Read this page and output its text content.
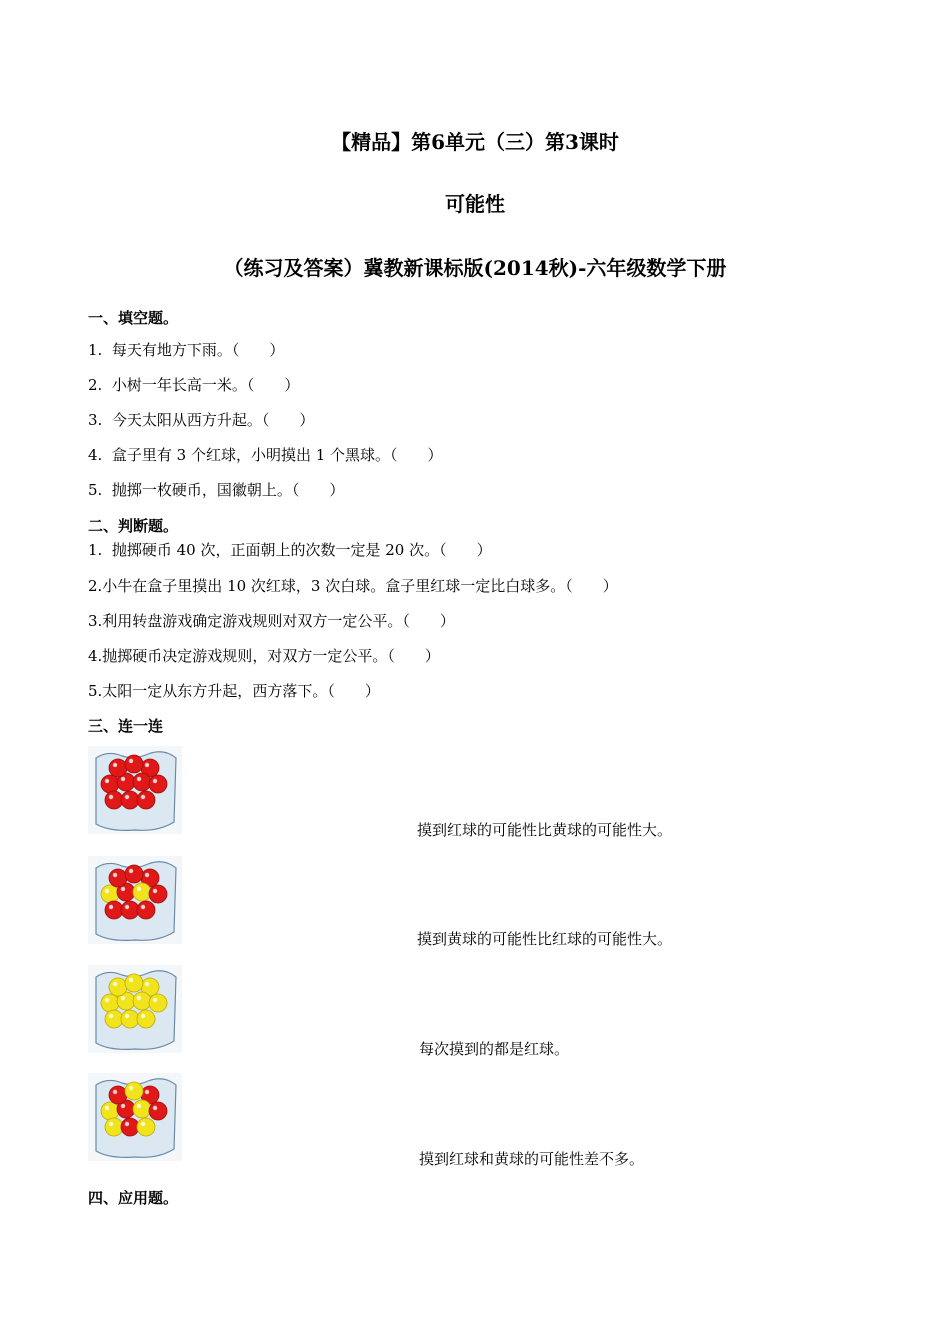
【精品】第6单元（三）第3课时
可能性
（练习及答案）冀教新课标版(2014秋)-六年级数学下册
一、填空题。
1. 每天有地方下雨。（　　）
2. 小树一年长高一米。（　　）
3. 今天太阳从西方升起。（　　）
4. 盒子里有 3 个红球，小明摸出 1 个黑球。（　　）
5. 抛掷一枚硬币，国徽朝上。（　　）
二、判断题。
1.  抛掷硬币 40 次，正面朝上的次数一定是 20 次。（　　）
2.小牛在盒子里摸出 10 次红球，3 次白球。盒子里红球一定比白球多。（　　）
3.利用转盘游戏确定游戏规则对双方一定公平。（　　）
4.抛掷硬币决定游戏规则，对双方一定公平。（　　）
5.太阳一定从东方升起，西方落下。（　　）
三、连一连
摸到红球的可能性比黄球的可能性大。
摸到黄球的可能性比红球的可能性大。
每次摸到的都是红球。
摸到红球和黄球的可能性差不多。
四、应用题。
